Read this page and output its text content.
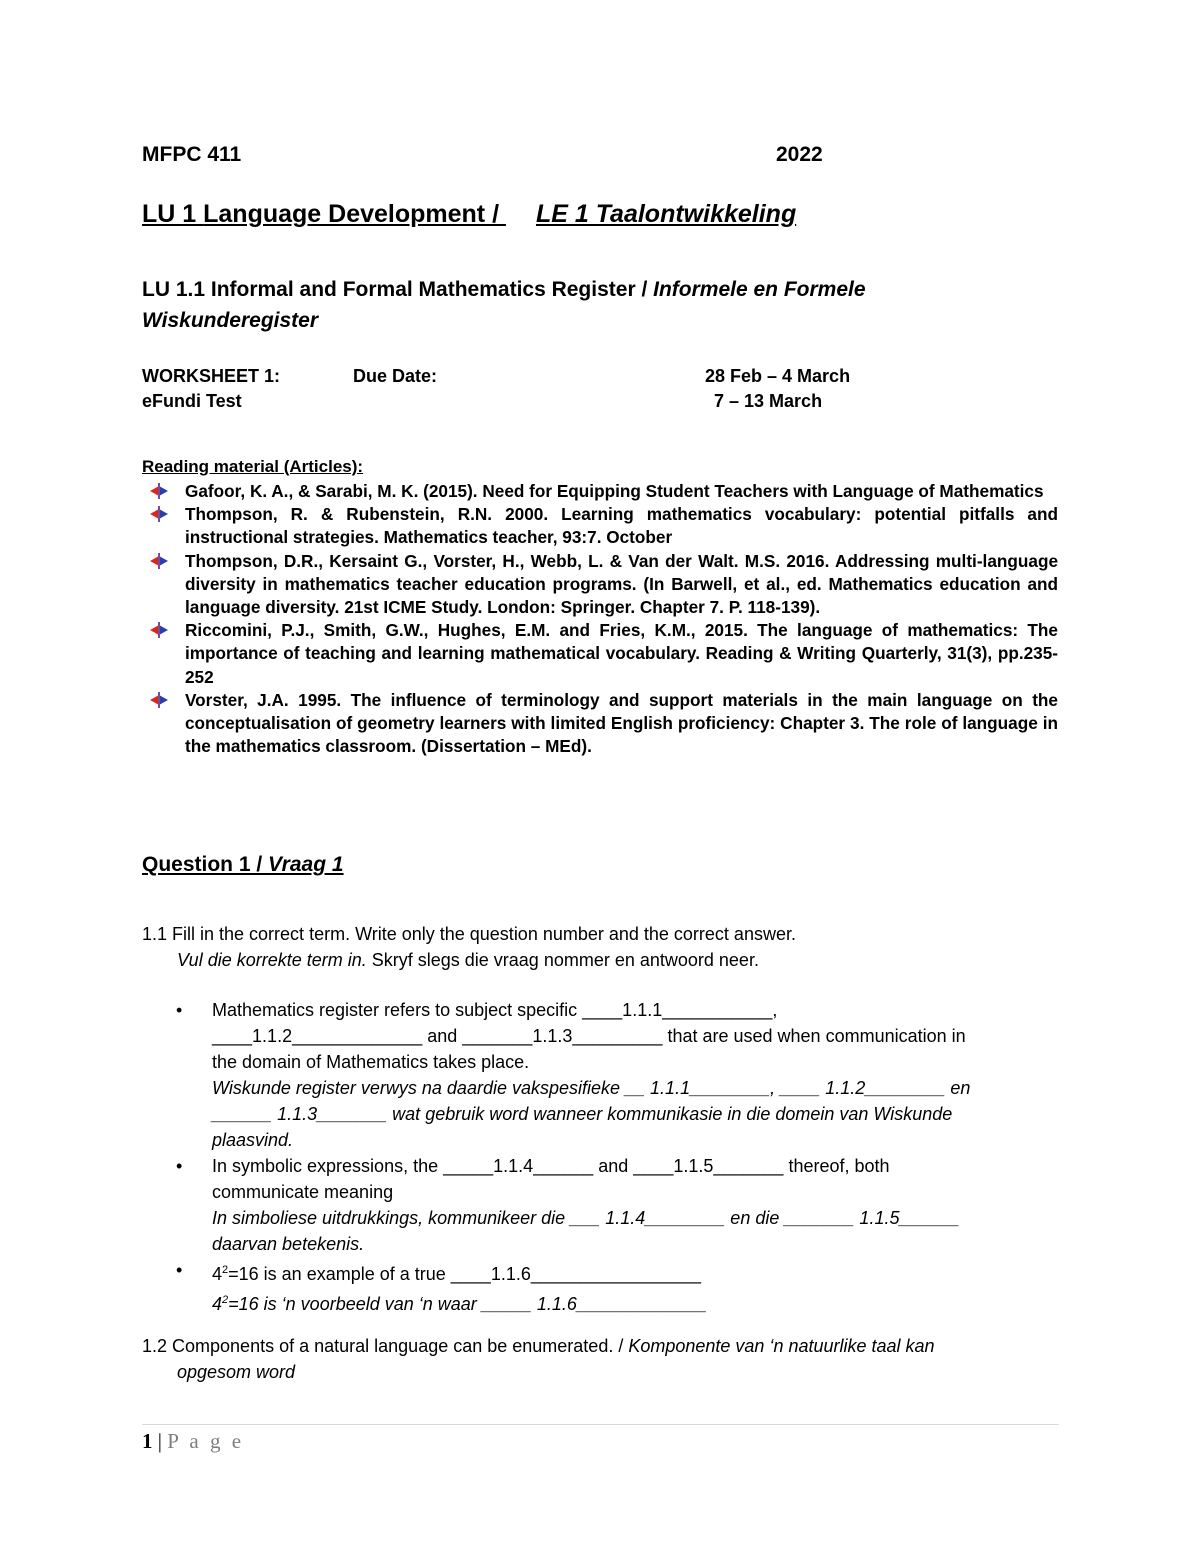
MFPC 411	2022
LU 1 Language Development / LE 1 Taalontwikkeling
LU 1.1 Informal and Formal Mathematics Register / Informele en Formele
Wiskunderegister
WORKSHEET 1:	Due Date:	28 Feb – 4 March
eFundi Test	7 – 13 March
Reading material (Articles):
Gafoor, K. A., & Sarabi, M. K. (2015). Need for Equipping Student Teachers with Language of Mathematics
Thompson, R. & Rubenstein, R.N. 2000. Learning mathematics vocabulary: potential pitfalls and instructional strategies. Mathematics teacher, 93:7. October
Thompson, D.R., Kersaint G., Vorster, H., Webb, L. & Van der Walt. M.S. 2016. Addressing multi-language diversity in mathematics teacher education programs. (In Barwell, et al., ed. Mathematics education and language diversity. 21st ICME Study. London: Springer. Chapter 7. P. 118-139).
Riccomini, P.J., Smith, G.W., Hughes, E.M. and Fries, K.M., 2015. The language of mathematics: The importance of teaching and learning mathematical vocabulary. Reading & Writing Quarterly, 31(3), pp.235-252
Vorster, J.A. 1995. The influence of terminology and support materials in the main language on the conceptualisation of geometry learners with limited English proficiency: Chapter 3. The role of language in the mathematics classroom. (Dissertation – MEd).
Question 1 / Vraag 1
1.1 Fill in the correct term. Write only the question number and the correct answer.
Vul die korrekte term in. Skryf slegs die vraag nommer en antwoord neer.
• Mathematics register refers to subject specific ____1.1.1___________,
____1.1.2_____________ and _______1.1.3_________ that are used when communication in
the domain of Mathematics takes place.
Wiskunde register verwys na daardie vakspesifieke __ 1.1.1________, ____ 1.1.2________ en
______ 1.1.3_______ wat gebruik word wanneer kommunikasie in die domein van Wiskunde
plaasvind.
• In symbolic expressions, the _____1.1.4______ and ____1.1.5_______ thereof, both
communicate meaning
In simboliese uitdrukkings, kommunikeer die ___ 1.1.4________ en die _______ 1.1.5______
daarvan betekenis.
• $4^2=16$ is an example of a true ____1.1.6_________________
$4^2=16$ is ‘n voorbeeld van ‘n waar _____ 1.1.6_____________
1.2 Components of a natural language can be enumerated. / Komponente van ‘n natuurlike taal kan
opgesom word
1 | P a g e
